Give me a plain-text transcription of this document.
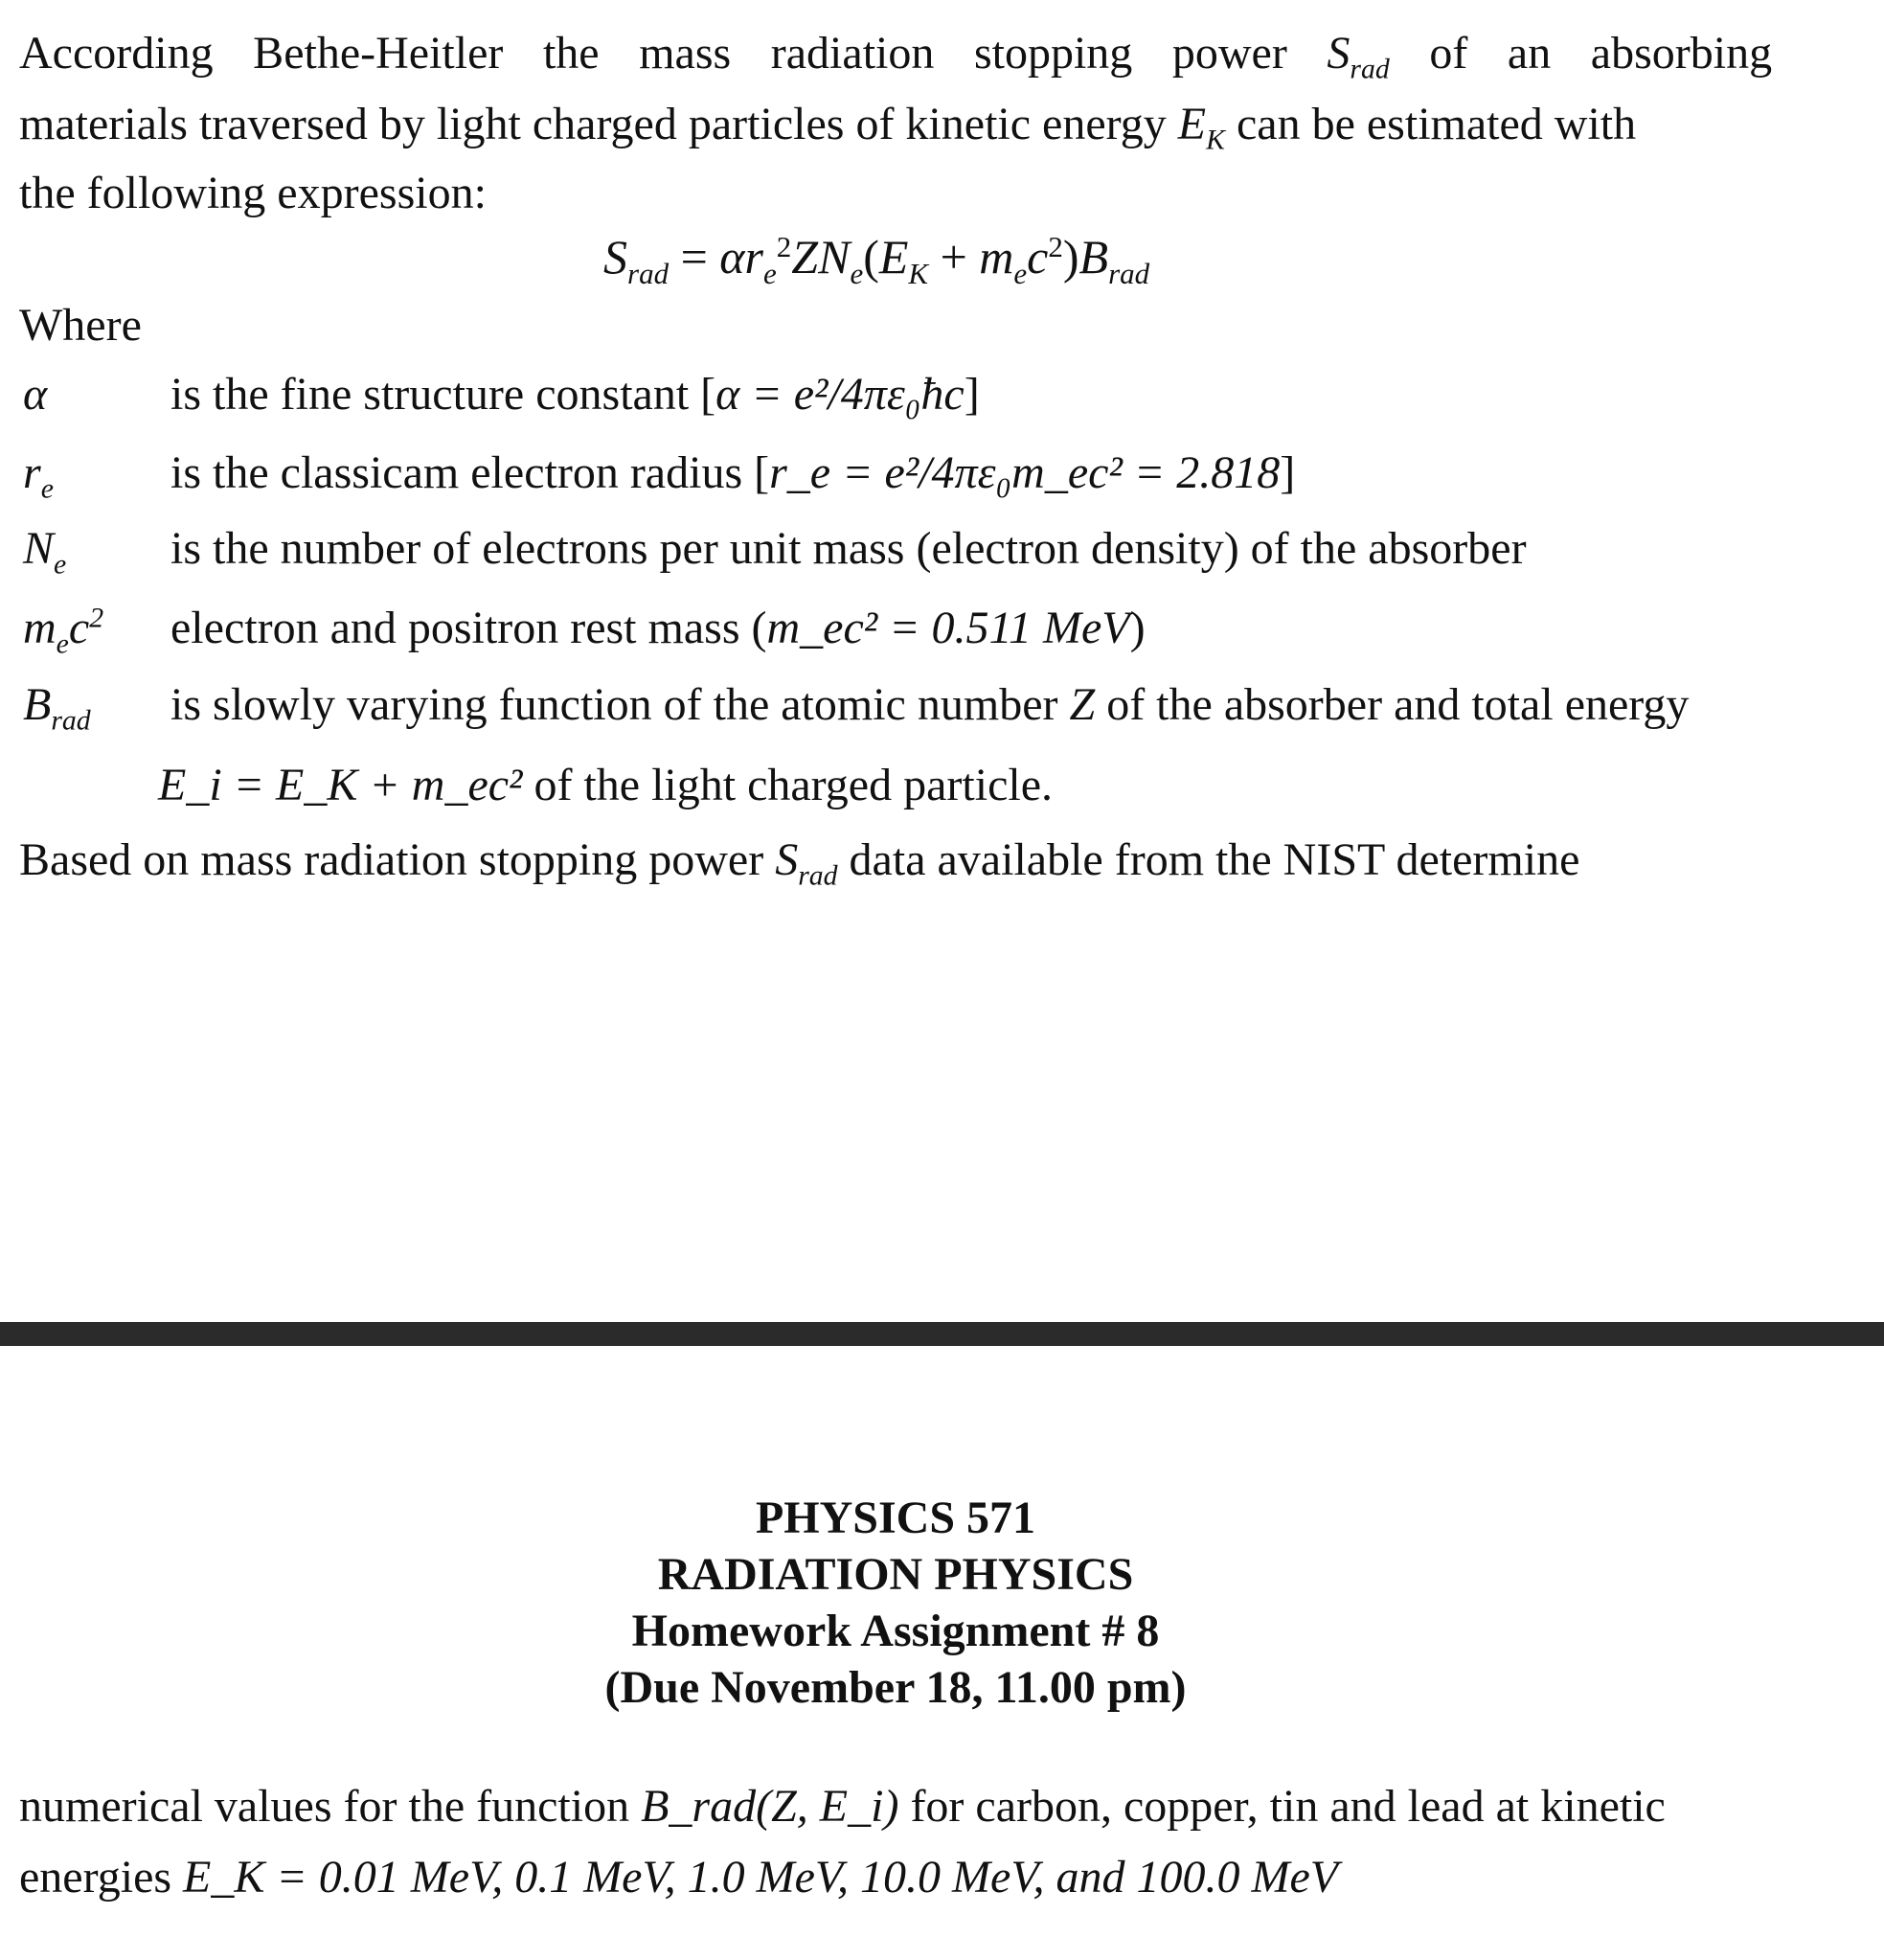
According Bethe-Heitler the mass radiation stopping power $S_{rad}$ of an absorbing
materials traversed by light charged particles of kinetic energy $E_K$ can be estimated with
the following expression:
$S_{rad} = \alpha r_e^2ZN_e(E_K + m_ec^2)B_{rad}$
Where
α	is the fine structure constant [α = e²/4πε₀ħc]
$r_e$	is the classicam electron radius [r_e = e²/4πε₀m_ec² = 2.818]
$N_e$ is the number of electrons per unit mass (electron density) of the absorber
$m_ec^2$ electron and positron rest mass (m_ec² = 0.511 MeV)
$B_{rad}$ is slowly varying function of the atomic number Z of the absorber and total energy
E_i = E_K + m_ec² of the light charged particle.
Based on mass radiation stopping power $S_{rad}$ data available from the NIST determine
PHYSICS 571
RADIATION PHYSICS
Homework Assignment # 8
(Due November 18, 11.00 pm)
numerical values for the function B_rad(Z, E_i) for carbon, copper, tin and lead at kinetic
energies E_K = 0.01 MeV, 0.1 MeV, 1.0 MeV, 10.0 MeV, and 100.0 MeV
